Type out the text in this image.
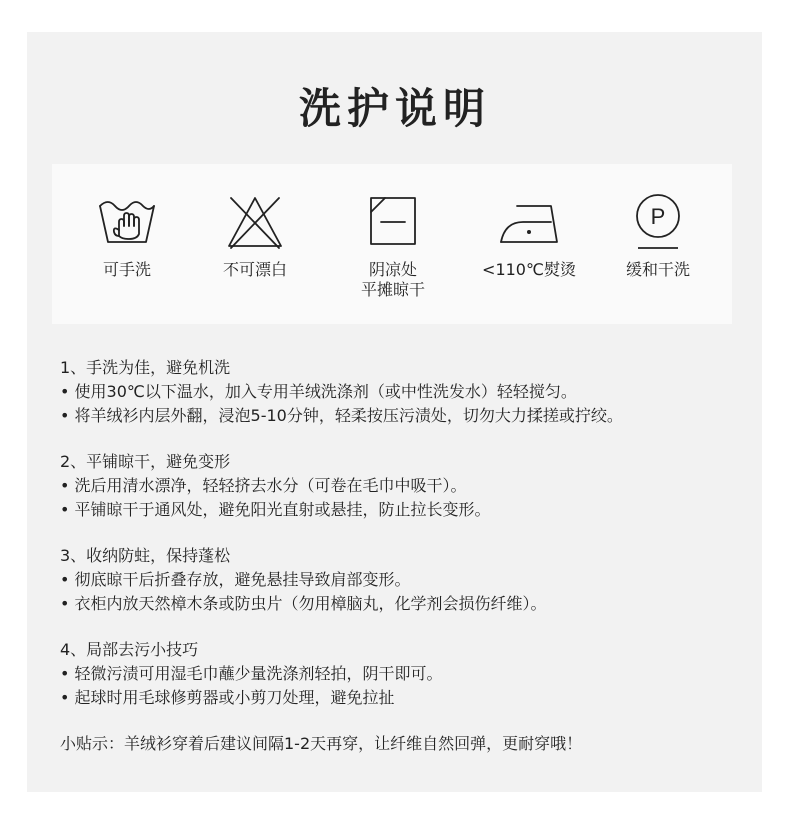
洗护说明
可手洗	不可漂白	阴凉处
平摊晾干
<110℃熨烫
P
缓和干洗
1、手洗为佳，避免机洗
• 使用30℃以下温水，加入专用羊绒洗涤剂（或中性洗发水）轻轻搅匀。
• 将羊绒衫内层外翻，浸泡5-10分钟，轻柔按压污渍处，切勿大力揉搓或拧绞。
2、平铺晾干，避免变形
• 洗后用清水漂净，轻轻挤去水分（可卷在毛巾中吸干）。
• 平铺晾干于通风处，避免阳光直射或悬挂，防止拉长变形。
3、收纳防蛀，保持蓬松
• 彻底晾干后折叠存放，避免悬挂导致肩部变形。
• 衣柜内放天然樟木条或防虫片（勿用樟脑丸，化学剂会损伤纤维）。
4、局部去污小技巧
• 轻微污渍可用湿毛巾蘸少量洗涤剂轻拍，阴干即可。
• 起球时用毛球修剪器或小剪刀处理，避免拉扯
小贴示：羊绒衫穿着后建议间隔1-2天再穿，让纤维自然回弹，更耐穿哦！
